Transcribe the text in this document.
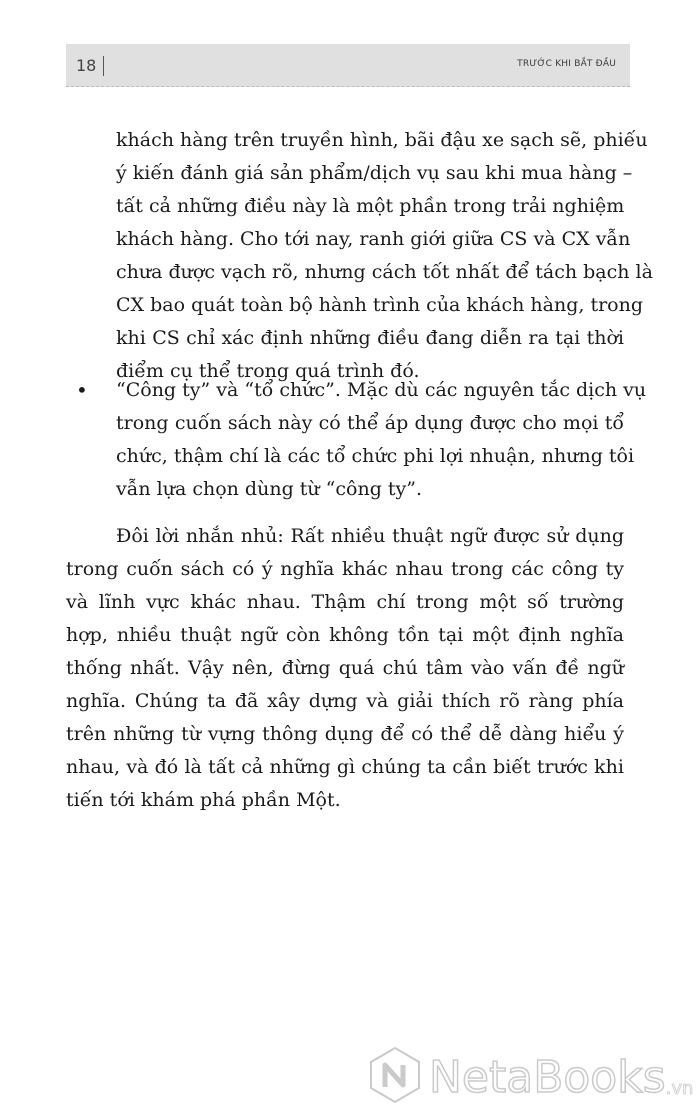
18	TRƯỚC KHI BẮT ĐẦU
khách hàng trên truyền hình, bãi đậu xe sạch sẽ, phiếu
ý kiến đánh giá sản phẩm/dịch vụ sau khi mua hàng –
tất cả những điều này là một phần trong trải nghiệm
khách hàng. Cho tới nay, ranh giới giữa CS và CX vẫn
chưa được vạch rõ, nhưng cách tốt nhất để tách bạch là
CX bao quát toàn bộ hành trình của khách hàng, trong
khi CS chỉ xác định những điều đang diễn ra tại thời
điểm cụ thể trong quá trình đó.
• “Công ty” và “tổ chức”. Mặc dù các nguyên tắc dịch vụ
trong cuốn sách này có thể áp dụng được cho mọi tổ
chức, thậm chí là các tổ chức phi lợi nhuận, nhưng tôi
vẫn lựa chọn dùng từ “công ty”.
Đôi lời nhắn nhủ: Rất nhiều thuật ngữ được sử dụng
trong cuốn sách có ý nghĩa khác nhau trong các công ty
và lĩnh vực khác nhau. Thậm chí trong một số trường
hợp, nhiều thuật ngữ còn không tồn tại một định nghĩa
thống nhất. Vậy nên, đừng quá chú tâm vào vấn đề ngữ
nghĩa. Chúng ta đã xây dựng và giải thích rõ ràng phía
trên những từ vựng thông dụng để có thể dễ dàng hiểu ý
nhau, và đó là tất cả những gì chúng ta cần biết trước khi
tiến tới khám phá phần Một.
NetaBooks .vn
